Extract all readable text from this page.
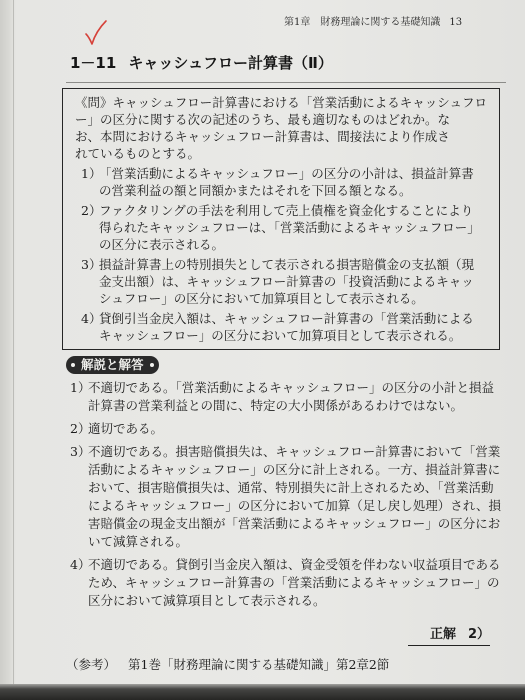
第1章　財務理論に関する基礎知識 13
1－11 キャッシュフロー計算書（Ⅱ）
《問》キャッシュフロー計算書における「営業活動によるキャッシュフロ
ー」の区分に関する次の記述のうち、最も適切なものはどれか。な
お、本問におけるキャッシュフロー計算書は、間接法により作成さ
れているものとする。
1）
「営業活動によるキャッシュフロー」の区分の小計は、損益計算書
の営業利益の額と同額かまたはそれを下回る額となる。
2）
ファクタリングの手法を利用して売上債権を資金化することにより
得られたキャッシュフローは、「営業活動によるキャッシュフロー」
の区分に表示される。
3）
損益計算書上の特別損失として表示される損害賠償金の支払額（現
金支出額）は、キャッシュフロー計算書の「投資活動によるキャッ
シュフロー」の区分において加算項目として表示される。
4）
貸倒引当金戻入額は、キャッシュフロー計算書の「営業活動による
キャッシュフロー」の区分において加算項目として表示される。
解説と解答
1）
不適切である。「営業活動によるキャッシュフロー」の区分の小計と損益
計算書の営業利益との間に、特定の大小関係があるわけではない。
2）
適切である。
3）
不適切である。損害賠償損失は、キャッシュフロー計算書において「営業
活動によるキャッシュフロー」の区分に計上される。一方、損益計算書に
おいて、損害賠償損失は、通常、特別損失に計上されるため、「営業活動
によるキャッシュフロー」の区分において加算（足し戻し処理）され、損
害賠償金の現金支出額が「営業活動によるキャッシュフロー」の区分にお
いて減算される。
4）
不適切である。貸倒引当金戻入額は、資金受領を伴わない収益項目である
ため、キャッシュフロー計算書の「営業活動によるキャッシュフロー」の
区分において減算項目として表示される。
正解 2）
（参考） 第1巻「財務理論に関する基礎知識」第2章2節
